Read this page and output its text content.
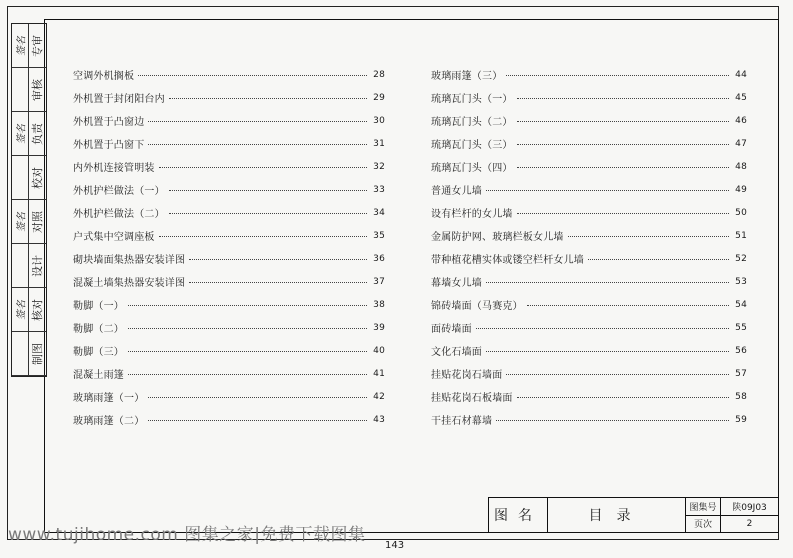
专审
签名
审核
负责
签名
校对
对照
签名
设计
核对
签名
制图
空调外机搁板	28
外机置于封闭阳台内	29
外机置于凸窗边	30
外机置于凸窗下	31
内外机连接管明装	32
外机护栏做法（一）	33
外机护栏做法（二）	34
户式集中空调座板	35
砌块墙面集热器安装详图	36
混凝土墙集热器安装详图	37
勒脚（一）	38
勒脚（二）	39
勒脚（三）	40
混凝土雨篷	41
玻璃雨篷（一）	42
玻璃雨篷（二）	43
玻璃雨篷（三）	44
琉璃瓦门头（一）	45
琉璃瓦门头（二）	46
琉璃瓦门头（三）	47
琉璃瓦门头（四）	48
普通女儿墙	49
设有栏杆的女儿墙	50
金属防护网、玻璃栏板女儿墙	51
带种植花槽实体或镂空栏杆女儿墙	52
幕墙女儿墙	53
锦砖墙面（马赛克）	54
面砖墙面	55
文化石墙面	56
挂贴花岗石墙面	57
挂贴花岗石板墙面	58
干挂石材幕墙	59
图名	目录
图集号	陕09J03
页次	2
www.tujihome.com 图集之家|免费下载图集
143
